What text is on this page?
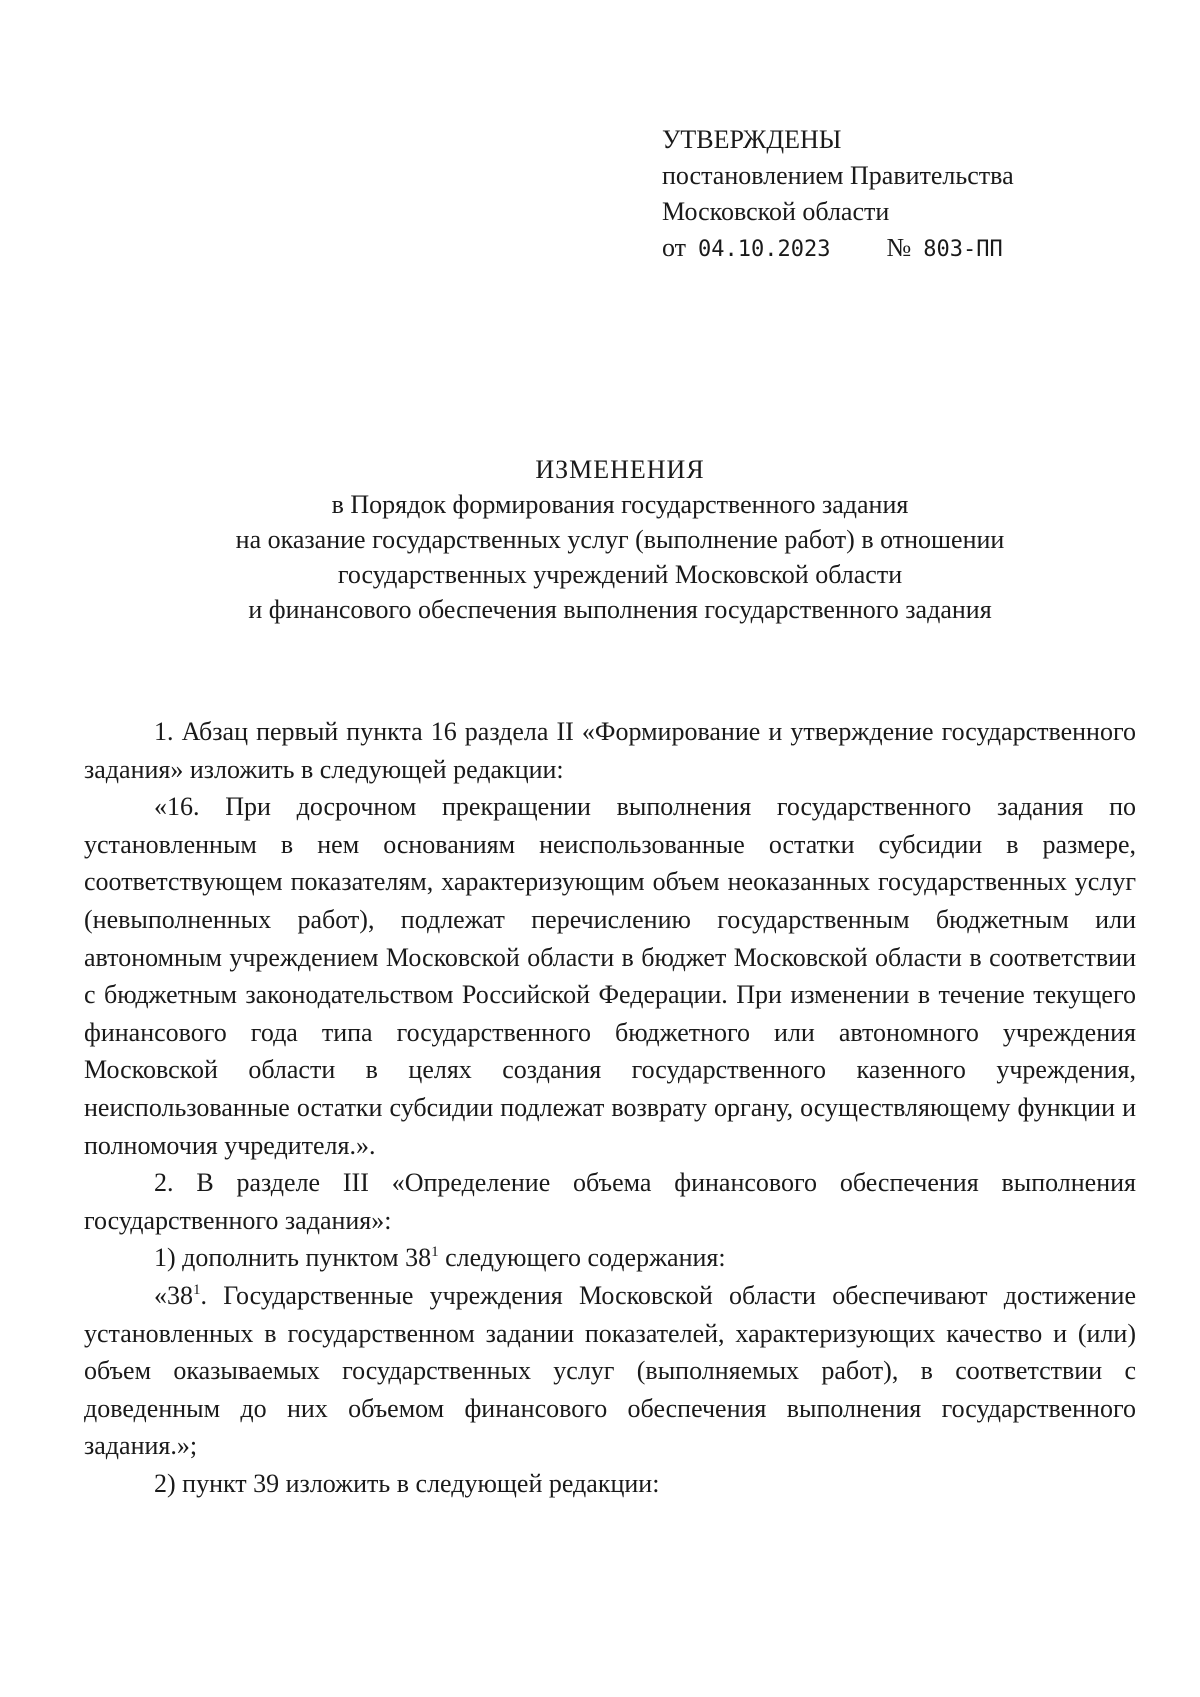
УТВЕРЖДЕНЫ
постановлением Правительства
Московской области
от 04.10.2023 № 803-ПП
ИЗМЕНЕНИЯ
в Порядок формирования государственного задания
на оказание государственных услуг (выполнение работ) в отношении
государственных учреждений Московской области
и финансового обеспечения выполнения государственного задания

1. Абзац первый пункта 16 раздела II «Формирование и утверждение государственного задания» изложить в следующей редакции:

«16. При досрочном прекращении выполнения государственного задания по установленным в нем основаниям неиспользованные остатки субсидии в размере, соответствующем показателям, характеризующим объем неоказанных государственных услуг (невыполненных работ), подлежат перечислению государственным бюджетным или автономным учреждением Московской области в бюджет Московской области в соответствии с бюджетным законодательством Российской Федерации. При изменении в течение текущего финансового года типа государственного бюджетного или автономного учреждения Московской области в целях создания государственного казенного учреждения, неиспользованные остатки субсидии подлежат возврату органу, осуществляющему функции и полномочия учредителя.».

2. В разделе III «Определение объема финансового обеспечения выполнения государственного задания»:

1) дополнить пунктом $38^1$ следующего содержания:

«$38^1$. Государственные учреждения Московской области обеспечивают достижение установленных в государственном задании показателей, характеризующих качество и (или) объем оказываемых государственных услуг (выполняемых работ), в соответствии с доведенным до них объемом финансового обеспечения выполнения государственного задания.»;

2) пункт 39 изложить в следующей редакции:
